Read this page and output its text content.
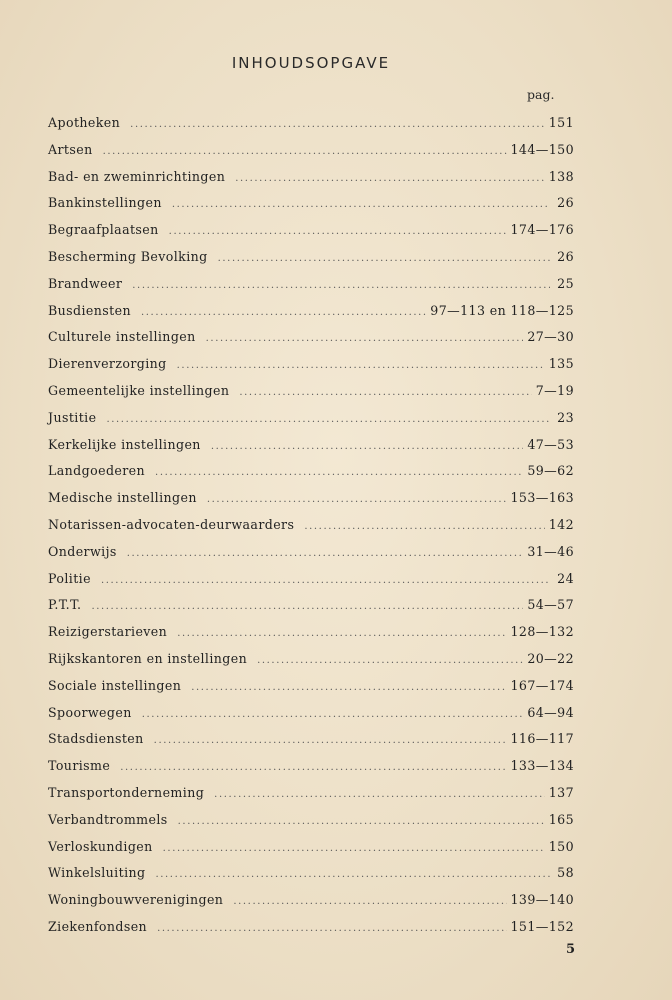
INHOUDSOPGAVE
pag.
Apotheken .....	151
Artsen .....	144—150
Bad- en zweminrichtingen .....	138
Bankinstellingen .....	26
Begraafplaatsen .....	174—176
Bescherming Bevolking .....	26
Brandweer .....	25
Busdiensten .....	97—113 en 118—125
Culturele instellingen .....	27—30
Dierenverzorging .....	135
Gemeentelijke instellingen .....	7—19
Justitie .....	23
Kerkelijke instellingen .....	47—53
Landgoederen .....	59—62
Medische instellingen .....	153—163
Notarissen-advocaten-deurwaarders .....	142
Onderwijs .....	31—46
Politie .....	24
P.T.T. .....	54—57
Reizigerstarieven .....	128—132
Rijkskantoren en instellingen .....	20—22
Sociale instellingen .....	167—174
Spoorwegen .....	64—94
Stadsdiensten .....	116—117
Tourisme .....	133—134
Transportonderneming .....	137
Verbandtrommels .....	165
Verloskundigen .....	150
Winkelsluiting .....	58
Woningbouwverenigingen .....	139—140
Ziekenfondsen .....	151—152
5
